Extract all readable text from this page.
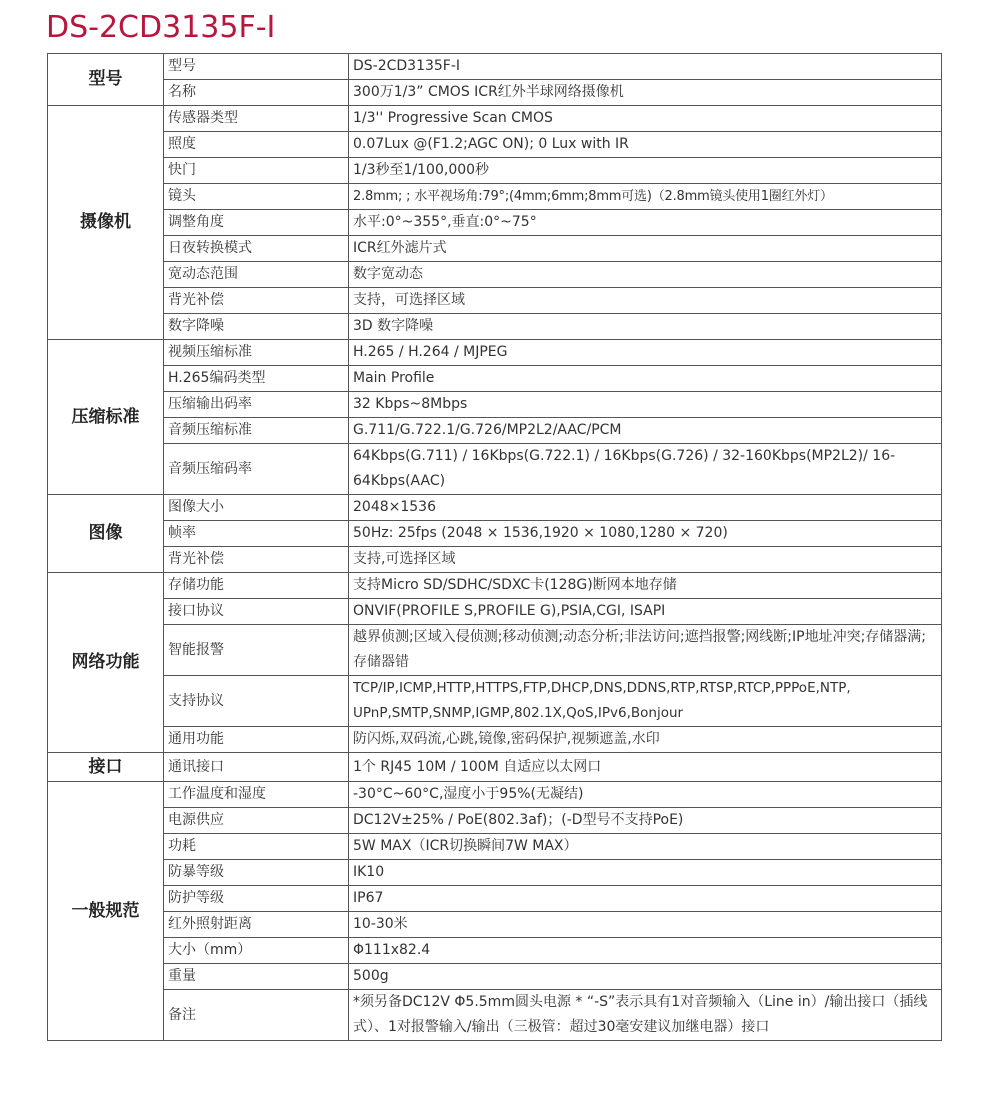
DS-2CD3135F-I
型号	型号	DS-2CD3135F-I
	名称	300万1/3” CMOS ICR红外半球网络摄像机
摄像机	传感器类型	1/3'' Progressive Scan CMOS
	照度	0.07Lux @(F1.2;AGC ON); 0 Lux with IR
	快门	1/3秒至1/100,000秒
	镜头	2.8mm; ; 水平视场角:79°;(4mm;6mm;8mm可选)（2.8mm镜头使用1圈红外灯）
	调整角度	水平:0°~355°,垂直:0°~75°
	日夜转换模式	ICR红外滤片式
	宽动态范围	数字宽动态
	背光补偿	支持，可选择区域
	数字降噪	3D 数字降噪
压缩标准	视频压缩标准	H.265 / H.264 / MJPEG
	H.265编码类型	Main Profile
	压缩输出码率	32 Kbps~8Mbps
	音频压缩标准	G.711/G.722.1/G.726/MP2L2/AAC/PCM
	音频压缩码率	64Kbps(G.711) / 16Kbps(G.722.1) / 16Kbps(G.726) / 32-160Kbps(MP2L2)/ 16-64Kbps(AAC)
图像	图像大小	2048×1536
	帧率	50Hz: 25fps (2048 × 1536,1920 × 1080,1280 × 720)
	背光补偿	支持,可选择区域
网络功能	存储功能	支持Micro SD/SDHC/SDXC卡(128G)断网本地存储
	接口协议	ONVIF(PROFILE S,PROFILE G),PSIA,CGI, ISAPI
	智能报警	越界侦测;区域入侵侦测;移动侦测;动态分析;非法访问;遮挡报警;网线断;IP地址冲突;存储器满;存储器错
	支持协议	TCP/IP,ICMP,HTTP,HTTPS,FTP,DHCP,DNS,DDNS,RTP,RTSP,RTCP,PPPoE,NTP, UPnP,SMTP,SNMP,IGMP,802.1X,QoS,IPv6,Bonjour
	通用功能	防闪烁,双码流,心跳,镜像,密码保护,视频遮盖,水印
接口	通讯接口	1个 RJ45 10M / 100M 自适应以太网口
一般规范	工作温度和湿度	-30°C~60°C,湿度小于95%(无凝结)
	电源供应	DC12V±25% / PoE(802.3af)；(-D型号不支持PoE)
	功耗	5W MAX（ICR切换瞬间7W MAX）
	防暴等级	IK10
	防护等级	IP67
	红外照射距离	10-30米
	大小（mm）	Φ111x82.4
	重量	500g
	备注	*须另备DC12V Φ5.5mm圆头电源 * “-S”表示具有1对音频输入（Line in）/输出接口（插线式）、1对报警输入/输出（三极管：超过30毫安建议加继电器）接口
